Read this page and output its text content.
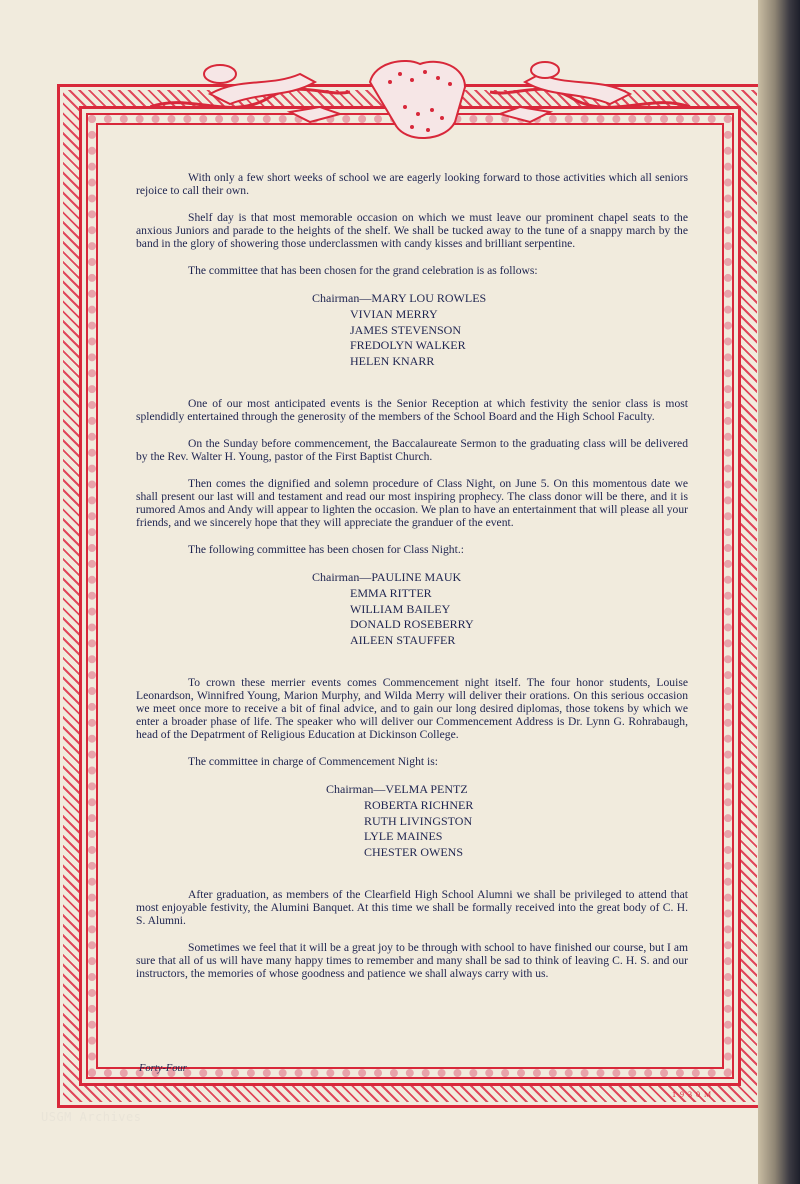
With only a few short weeks of school we are eagerly looking forward to those activities which all seniors rejoice to call their own.

Shelf day is that most memorable occasion on which we must leave our prominent chapel seats to the anxious Juniors and parade to the heights of the shelf. We shall be tucked away to the tune of a snappy march by the band in the glory of showering those underclassmen with candy kisses and brilliant serpentine.

The committee that has been chosen for the grand celebration is as follows:

Chairman—MARY LOU ROWLES
VIVIAN MERRY
JAMES STEVENSON
FREDOLYN WALKER
HELEN KNARR

One of our most anticipated events is the Senior Reception at which festivity the senior class is most splendidly entertained through the generosity of the members of the School Board and the High School Faculty.

On the Sunday before commencement, the Baccalaureate Sermon to the graduating class will be delivered by the Rev. Walter H. Young, pastor of the First Baptist Church.

Then comes the dignified and solemn procedure of Class Night, on June 5. On this momentous date we shall present our last will and testament and read our most inspiring prophecy. The class donor will be there, and it is rumored Amos and Andy will appear to lighten the occasion. We plan to have an entertainment that will please all your friends, and we sincerely hope that they will appreciate the granduer of the event.

The following committee has been chosen for Class Night.:

Chairman—PAULINE MAUK
EMMA RITTER
WILLIAM BAILEY
DONALD ROSEBERRY
AILEEN STAUFFER

To crown these merrier events comes Commencement night itself. The four honor students, Louise Leonardson, Winnifred Young, Marion Murphy, and Wilda Merry will deliver their orations. On this serious occasion we meet once more to receive a bit of final advice, and to gain our long desired diplomas, those tokens by which we enter a broader phase of life. The speaker who will deliver our Commencement Address is Dr. Lynn G. Rohrabaugh, head of the Depatrment of Religious Education at Dickinson College.

The committee in charge of Commencement Night is:

Chairman—VELMA PENTZ
ROBERTA RICHNER
RUTH LIVINGSTON
LYLE MAINES
CHESTER OWENS

After graduation, as members of the Clearfield High School Alumni we shall be privileged to attend that most enjoyable festivity, the Alumini Banquet. At this time we shall be formally received into the great body of C. H. S. Alumni.

Sometimes we feel that it will be a great joy to be through with school to have finished our course, but I am sure that all of us will have many happy times to remember and many shall be sad to think of leaving C. H. S. and our instructors, the memories of whose goodness and patience we shall always carry with us.

Forty-Four
1 9 3 0 M
USGM Archives
